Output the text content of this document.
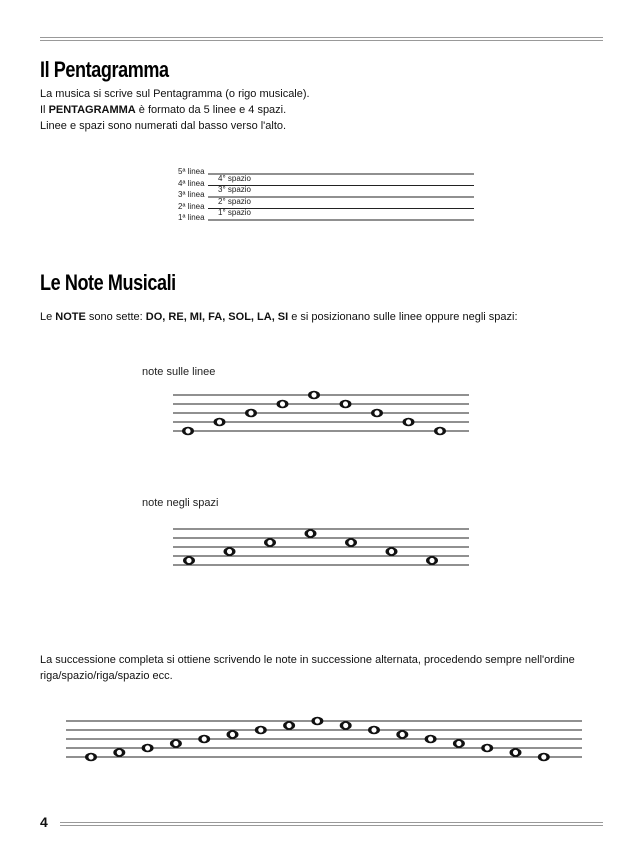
Il Pentagramma
La musica si scrive sul Pentagramma (o rigo musicale).
Il PENTAGRAMMA è formato da 5 linee e 4 spazi.
Linee e spazi sono numerati dal basso verso l'alto.
5ª linea
4ª linea
3ª linea
2ª linea
1ª linea
4° spazio
3° spazio
2° spazio
1° spazio
Le Note Musicali
Le NOTE sono sette: DO, RE, MI, FA, SOL, LA, SI e si posizionano sulle linee oppure negli spazi:
note sulle linee
note negli spazi
La successione completa si ottiene scrivendo le note in successione alternata, procedendo sempre nell'ordine riga/spazio/riga/spazio ecc.
4
